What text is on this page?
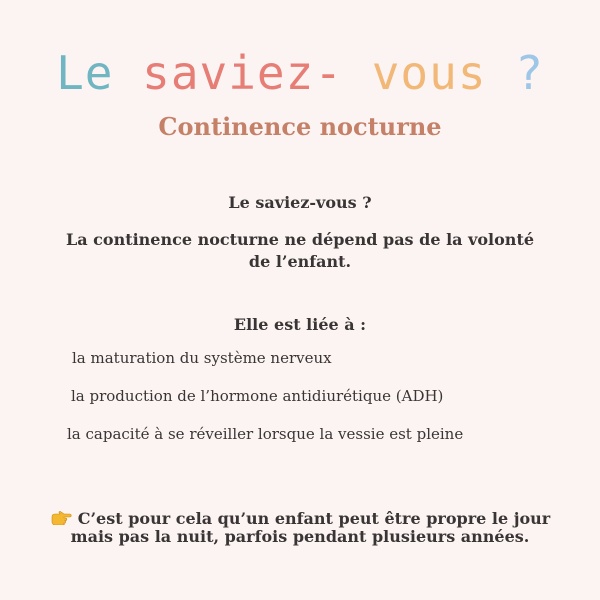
Le saviez- vous ?
Continence nocturne
Le saviez-vous ?
La continence nocturne ne dépend pas de la volonté de l’enfant.
Elle est liée à :
la maturation du système nerveux
la production de l’hormone antidiurétique (ADH)
la capacité à se réveiller lorsque la vessie est pleine
C’est pour cela qu’un enfant peut être propre le jour mais pas la nuit, parfois pendant plusieurs années.
